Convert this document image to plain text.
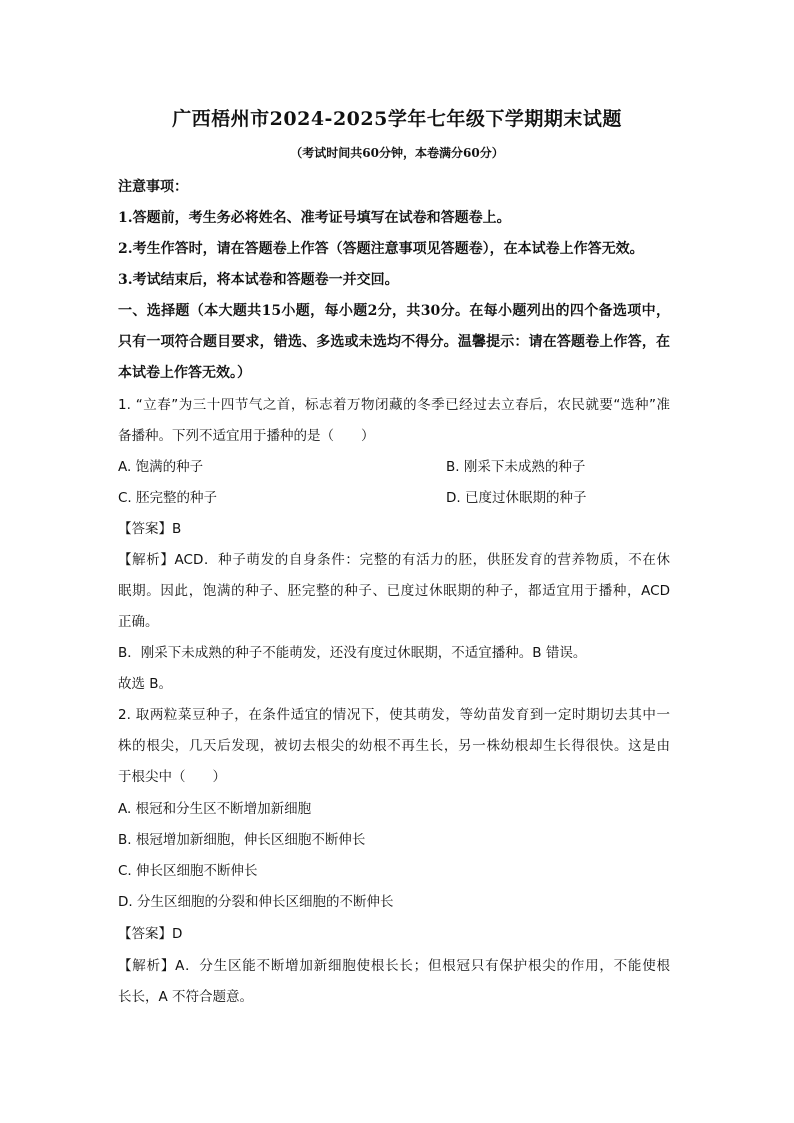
广西梧州市2024-2025学年七年级下学期期末试题
（考试时间共60分钟，本卷满分60分）
注意事项：
1.答题前，考生务必将姓名、准考证号填写在试卷和答题卷上。
2.考生作答时，请在答题卷上作答（答题注意事项见答题卷），在本试卷上作答无效。
3.考试结束后，将本试卷和答题卷一并交回。
一、选择题（本大题共15小题，每小题2分，共30分。在每小题列出的四个备选项中，
只有一项符合题目要求，错选、多选或未选均不得分。温馨提示：请在答题卷上作答，在
本试卷上作答无效。）
1. “立春”为三十四节气之首，标志着万物闭藏的冬季已经过去立春后，农民就要“选种”准
备播种。下列不适宜用于播种的是（　　）
A. 饱满的种子	B. 刚采下未成熟的种子
C. 胚完整的种子	D. 已度过休眠期的种子
【答案】B
【解析】ACD．种子萌发的自身条件：完整的有活力的胚，供胚发育的营养物质，不在休
眠期。因此，饱满的种子、胚完整的种子、已度过休眠期的种子，都适宜用于播种，ACD
正确。
B．刚采下未成熟的种子不能萌发，还没有度过休眠期，不适宜播种。B 错误。
故选 B。
2. 取两粒菜豆种子，在条件适宜的情况下，使其萌发，等幼苗发育到一定时期切去其中一
株的根尖，几天后发现，被切去根尖的幼根不再生长，另一株幼根却生长得很快。这是由
于根尖中（　　）
A. 根冠和分生区不断增加新细胞
B. 根冠增加新细胞，伸长区细胞不断伸长
C. 伸长区细胞不断伸长
D. 分生区细胞的分裂和伸长区细胞的不断伸长
【答案】D
【解析】A．分生区能不断增加新细胞使根长长；但根冠只有保护根尖的作用，不能使根
长长，A 不符合题意。
